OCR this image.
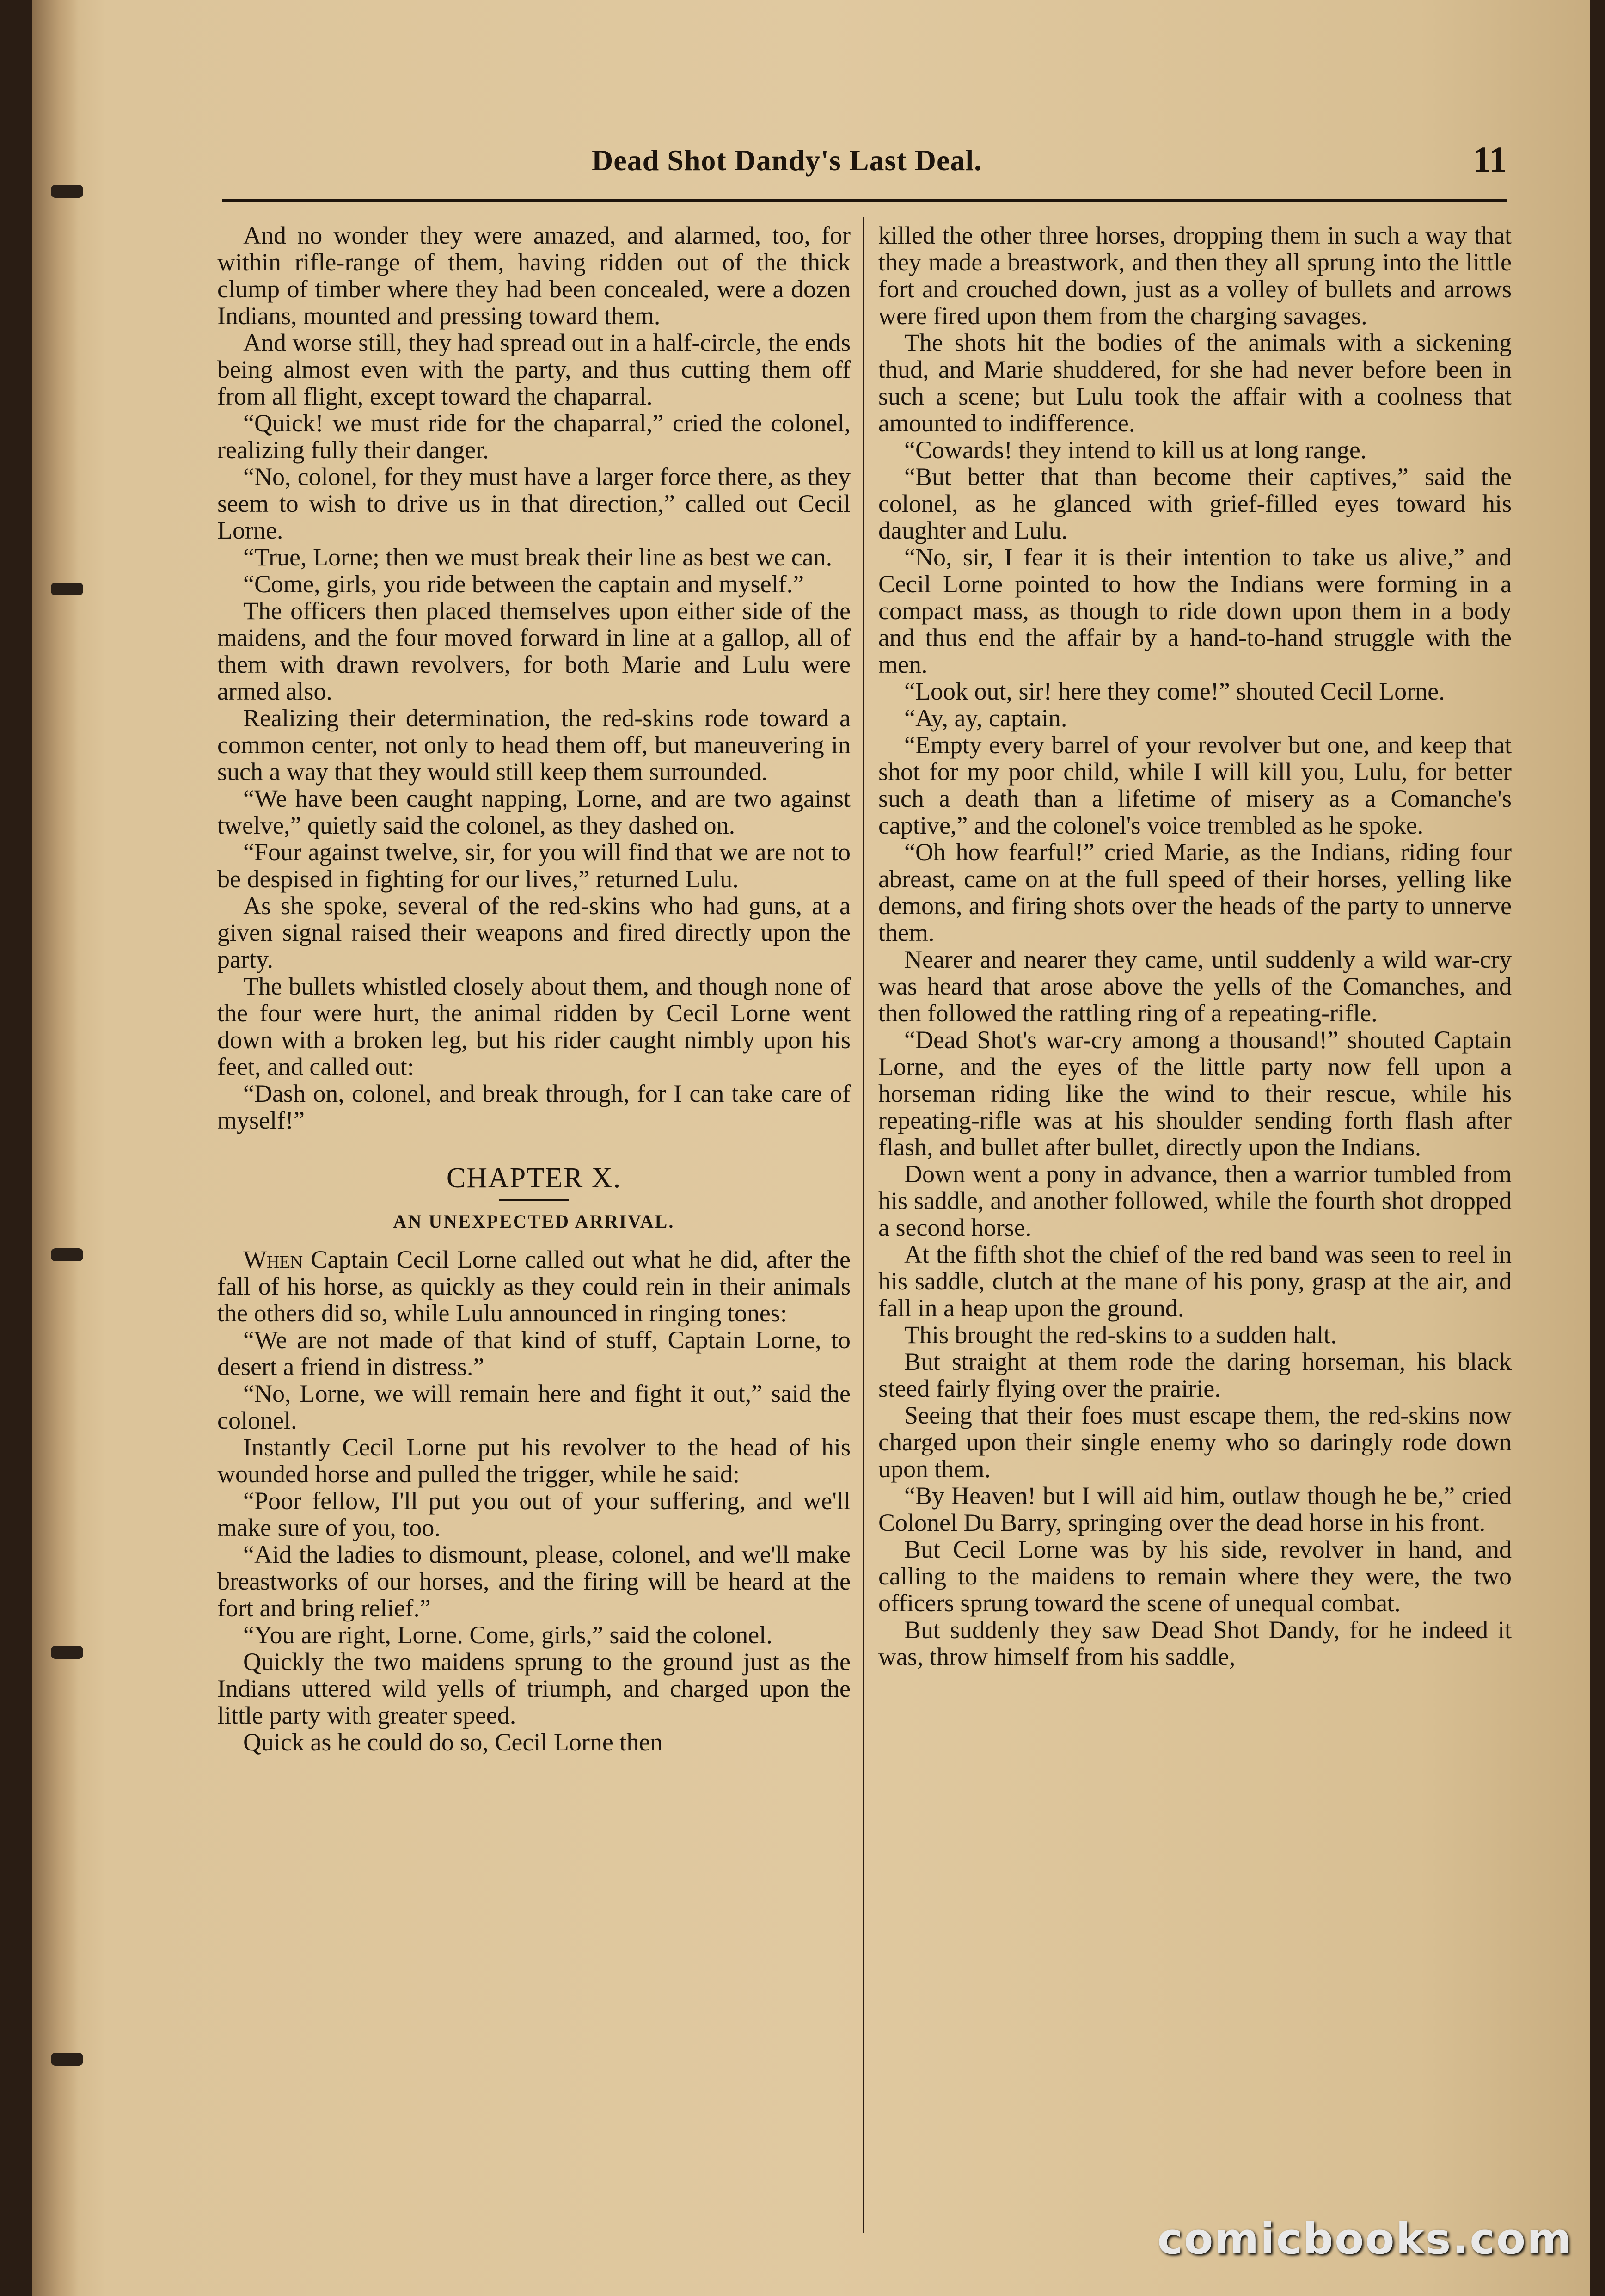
Dead Shot Dandy's Last Deal.	11

And no wonder they were amazed, and alarmed, too, for within rifle-range of them, having ridden out of the thick clump of timber where they had been concealed, were a dozen Indians, mounted and pressing toward them.

And worse still, they had spread out in a half-circle, the ends being almost even with the party, and thus cutting them off from all flight, except toward the chaparral.

“Quick! we must ride for the chaparral,” cried the colonel, realizing fully their danger.

“No, colonel, for they must have a larger force there, as they seem to wish to drive us in that direction,” called out Cecil Lorne.

“True, Lorne; then we must break their line as best we can.

“Come, girls, you ride between the captain and myself.”

The officers then placed themselves upon either side of the maidens, and the four moved forward in line at a gallop, all of them with drawn revolvers, for both Marie and Lulu were armed also.

Realizing their determination, the red-skins rode toward a common center, not only to head them off, but maneuvering in such a way that they would still keep them surrounded.

“We have been caught napping, Lorne, and are two against twelve,” quietly said the colonel, as they dashed on.

“Four against twelve, sir, for you will find that we are not to be despised in fighting for our lives,” returned Lulu.

As she spoke, several of the red-skins who had guns, at a given signal raised their weapons and fired directly upon the party.

The bullets whistled closely about them, and though none of the four were hurt, the animal ridden by Cecil Lorne went down with a broken leg, but his rider caught nimbly upon his feet, and called out:

“Dash on, colonel, and break through, for I can take care of myself!”

CHAPTER X.
AN UNEXPECTED ARRIVAL.

When Captain Cecil Lorne called out what he did, after the fall of his horse, as quickly as they could rein in their animals the others did so, while Lulu announced in ringing tones:

“We are not made of that kind of stuff, Captain Lorne, to desert a friend in distress.”

“No, Lorne, we will remain here and fight it out,” said the colonel.

Instantly Cecil Lorne put his revolver to the head of his wounded horse and pulled the trigger, while he said:

“Poor fellow, I'll put you out of your suffering, and we'll make sure of you, too.

“Aid the ladies to dismount, please, colonel, and we'll make breastworks of our horses, and the firing will be heard at the fort and bring relief.”

“You are right, Lorne. Come, girls,” said the colonel.

Quickly the two maidens sprung to the ground just as the Indians uttered wild yells of triumph, and charged upon the little party with greater speed.

Quick as he could do so, Cecil Lorne then

killed the other three horses, dropping them in such a way that they made a breastwork, and then they all sprung into the little fort and crouched down, just as a volley of bullets and arrows were fired upon them from the charging savages.

The shots hit the bodies of the animals with a sickening thud, and Marie shuddered, for she had never before been in such a scene; but Lulu took the affair with a coolness that amounted to indifference.

“Cowards! they intend to kill us at long range.

“But better that than become their captives,” said the colonel, as he glanced with grief-filled eyes toward his daughter and Lulu.

“No, sir, I fear it is their intention to take us alive,” and Cecil Lorne pointed to how the Indians were forming in a compact mass, as though to ride down upon them in a body and thus end the affair by a hand-to-hand struggle with the men.

“Look out, sir! here they come!” shouted Cecil Lorne.

“Ay, ay, captain.

“Empty every barrel of your revolver but one, and keep that shot for my poor child, while I will kill you, Lulu, for better such a death than a lifetime of misery as a Comanche's captive,” and the colonel's voice trembled as he spoke.

“Oh how fearful!” cried Marie, as the Indians, riding four abreast, came on at the full speed of their horses, yelling like demons, and firing shots over the heads of the party to unnerve them.

Nearer and nearer they came, until suddenly a wild war-cry was heard that arose above the yells of the Comanches, and then followed the rattling ring of a repeating-rifle.

“Dead Shot's war-cry among a thousand!” shouted Captain Lorne, and the eyes of the little party now fell upon a horseman riding like the wind to their rescue, while his repeating-rifle was at his shoulder sending forth flash after flash, and bullet after bullet, directly upon the Indians.

Down went a pony in advance, then a warrior tumbled from his saddle, and another followed, while the fourth shot dropped a second horse.

At the fifth shot the chief of the red band was seen to reel in his saddle, clutch at the mane of his pony, grasp at the air, and fall in a heap upon the ground.

This brought the red-skins to a sudden halt.

But straight at them rode the daring horseman, his black steed fairly flying over the prairie.

Seeing that their foes must escape them, the red-skins now charged upon their single enemy who so daringly rode down upon them.

“By Heaven! but I will aid him, outlaw though he be,” cried Colonel Du Barry, springing over the dead horse in his front.

But Cecil Lorne was by his side, revolver in hand, and calling to the maidens to remain where they were, the two officers sprung toward the scene of unequal combat.

But suddenly they saw Dead Shot Dandy, for he indeed it was, throw himself from his saddle,

comicbooks.com
